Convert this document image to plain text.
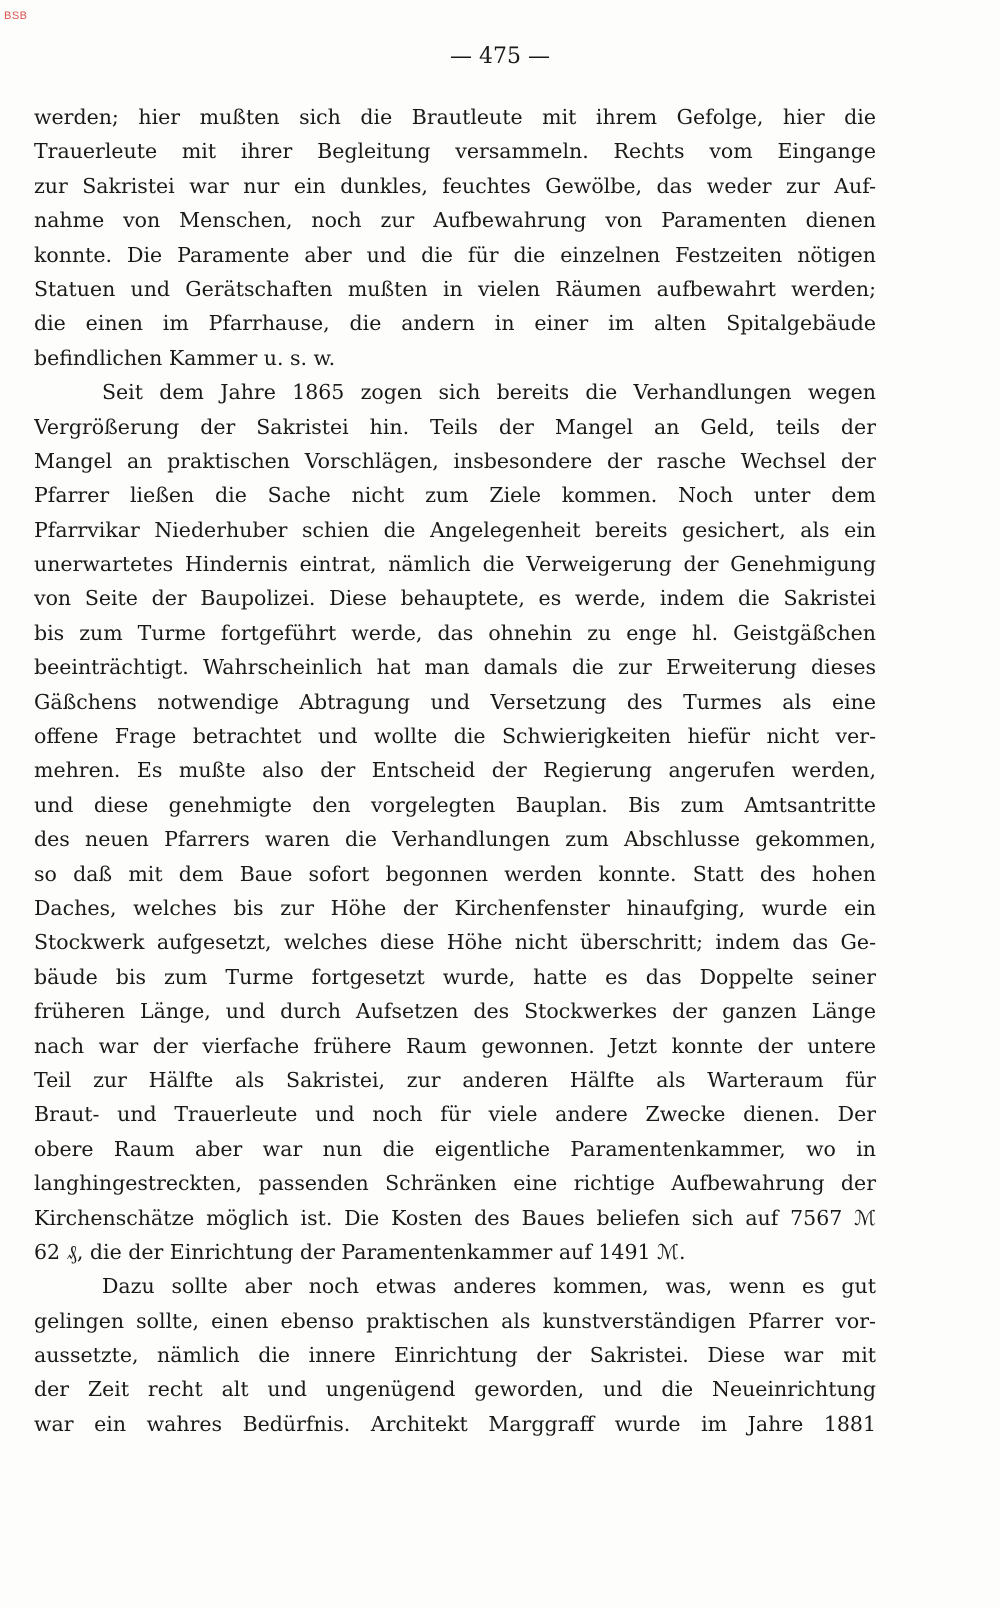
BSB
— 475 —
werden; hier mußten sich die Brautleute mit ihrem Gefolge, hier die
Trauerleute mit ihrer Begleitung versammeln. Rechts vom Eingange
zur Sakristei war nur ein dunkles, feuchtes Gewölbe, das weder zur Auf-
nahme von Menschen, noch zur Aufbewahrung von Paramenten dienen
konnte. Die Paramente aber und die für die einzelnen Festzeiten nötigen
Statuen und Gerätschaften mußten in vielen Räumen aufbewahrt werden;
die einen im Pfarrhause, die andern in einer im alten Spitalgebäude
befindlichen Kammer u. s. w.
Seit dem Jahre 1865 zogen sich bereits die Verhandlungen wegen
Vergrößerung der Sakristei hin. Teils der Mangel an Geld, teils der
Mangel an praktischen Vorschlägen, insbesondere der rasche Wechsel der
Pfarrer ließen die Sache nicht zum Ziele kommen. Noch unter dem
Pfarrvikar Niederhuber schien die Angelegenheit bereits gesichert, als ein
unerwartetes Hindernis eintrat, nämlich die Verweigerung der Genehmigung
von Seite der Baupolizei. Diese behauptete, es werde, indem die Sakristei
bis zum Turme fortgeführt werde, das ohnehin zu enge hl. Geistgäßchen
beeinträchtigt. Wahrscheinlich hat man damals die zur Erweiterung dieses
Gäßchens notwendige Abtragung und Versetzung des Turmes als eine
offene Frage betrachtet und wollte die Schwierigkeiten hiefür nicht ver-
mehren. Es mußte also der Entscheid der Regierung angerufen werden,
und diese genehmigte den vorgelegten Bauplan. Bis zum Amtsantritte
des neuen Pfarrers waren die Verhandlungen zum Abschlusse gekommen,
so daß mit dem Baue sofort begonnen werden konnte. Statt des hohen
Daches, welches bis zur Höhe der Kirchenfenster hinaufging, wurde ein
Stockwerk aufgesetzt, welches diese Höhe nicht überschritt; indem das Ge-
bäude bis zum Turme fortgesetzt wurde, hatte es das Doppelte seiner
früheren Länge, und durch Aufsetzen des Stockwerkes der ganzen Länge
nach war der vierfache frühere Raum gewonnen. Jetzt konnte der untere
Teil zur Hälfte als Sakristei, zur anderen Hälfte als Warteraum für
Braut- und Trauerleute und noch für viele andere Zwecke dienen. Der
obere Raum aber war nun die eigentliche Paramentenkammer, wo in
langhingestreckten, passenden Schränken eine richtige Aufbewahrung der
Kirchenschätze möglich ist. Die Kosten des Baues beliefen sich auf 7567 ℳ
62 ₰, die der Einrichtung der Paramentenkammer auf 1491 ℳ.
Dazu sollte aber noch etwas anderes kommen, was, wenn es gut
gelingen sollte, einen ebenso praktischen als kunstverständigen Pfarrer vor-
aussetzte, nämlich die innere Einrichtung der Sakristei. Diese war mit
der Zeit recht alt und ungenügend geworden, und die Neueinrichtung
war ein wahres Bedürfnis. Architekt Marggraff wurde im Jahre 1881
